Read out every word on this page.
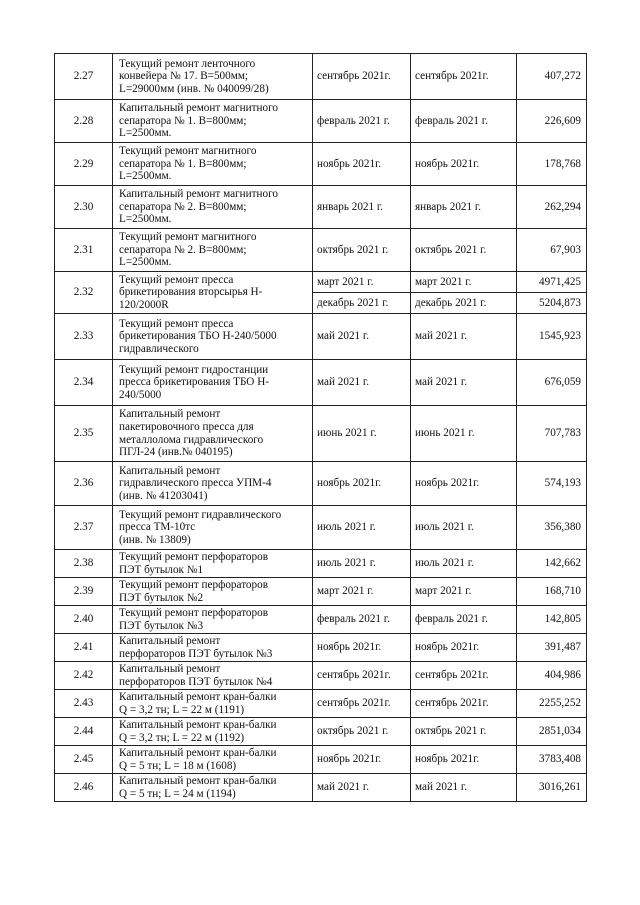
2.27	Текущий ремонт ленточного
конвейера № 17. В=500мм;
L=29000мм (инв. № 040099/28)	сентябрь 2021г.	сентябрь 2021г.	407,272
2.28	Капитальный ремонт магнитного
сепаратора № 1. В=800мм;
L=2500мм.	февраль 2021 г.	февраль 2021 г.	226,609
2.29	Текущий ремонт магнитного
сепаратора № 1. В=800мм;
L=2500мм.	ноябрь 2021г.	ноябрь 2021г.	178,768
2.30	Капитальный ремонт магнитного
сепаратора № 2. В=800мм;
L=2500мм.	январь 2021 г.	январь 2021 г.	262,294
2.31	Текущий ремонт магнитного
сепаратора № 2. В=800мм;
L=2500мм.	октябрь 2021 г.	октябрь 2021 г.	67,903
2.32	Текущий ремонт пресса
брикетирования вторсырья Н-
120/2000R	март 2021 г.	март 2021 г.	4971,425
		декабрь 2021 г.	декабрь 2021 г.	5204,873
2.33	Текущий ремонт пресса
брикетирования ТБО Н-240/5000
гидравлического	май 2021 г.	май 2021 г.	1545,923
2.34	Текущий ремонт гидростанции
пресса брикетирования ТБО Н-
240/5000	май 2021 г.	май 2021 г.	676,059
2.35	Капитальный ремонт
пакетировочного пресса для
металлолома гидравлического
ПГЛ-24 (инв.№ 040195)	июнь 2021 г.	июнь 2021 г.	707,783
2.36	Капитальный ремонт
гидравлического пресса УПМ-4
(инв. № 41203041)	ноябрь 2021г.	ноябрь 2021г.	574,193
2.37	Текущий ремонт гидравлического
пресса ТМ-10тс
(инв. № 13809)	июль 2021 г.	июль 2021 г.	356,380
2.38	Текущий ремонт перфораторов
ПЭТ бутылок №1	июль 2021 г.	июль 2021 г.	142,662
2.39	Текущий ремонт перфораторов
ПЭТ бутылок №2	март 2021 г.	март 2021 г.	168,710
2.40	Текущий ремонт перфораторов
ПЭТ бутылок №3	февраль 2021 г.	февраль 2021 г.	142,805
2.41	Капитальный ремонт
перфораторов ПЭТ бутылок №3	ноябрь 2021г.	ноябрь 2021г.	391,487
2.42	Капитальный ремонт
перфораторов ПЭТ бутылок №4	сентябрь 2021г.	сентябрь 2021г.	404,986
2.43	Капитальный ремонт кран-балки
Q = 3,2 тн; L = 22 м (1191)	сентябрь 2021г.	сентябрь 2021г.	2255,252
2.44	Капитальный ремонт кран-балки
Q = 3,2 тн; L = 22 м (1192)	октябрь 2021 г.	октябрь 2021 г.	2851,034
2.45	Капитальный ремонт кран-балки
Q = 5 тн; L = 18 м (1608)	ноябрь 2021г.	ноябрь 2021г.	3783,408
2.46	Капитальный ремонт кран-балки
Q = 5 тн; L = 24 м (1194)	май 2021 г.	май 2021 г.	3016,261
